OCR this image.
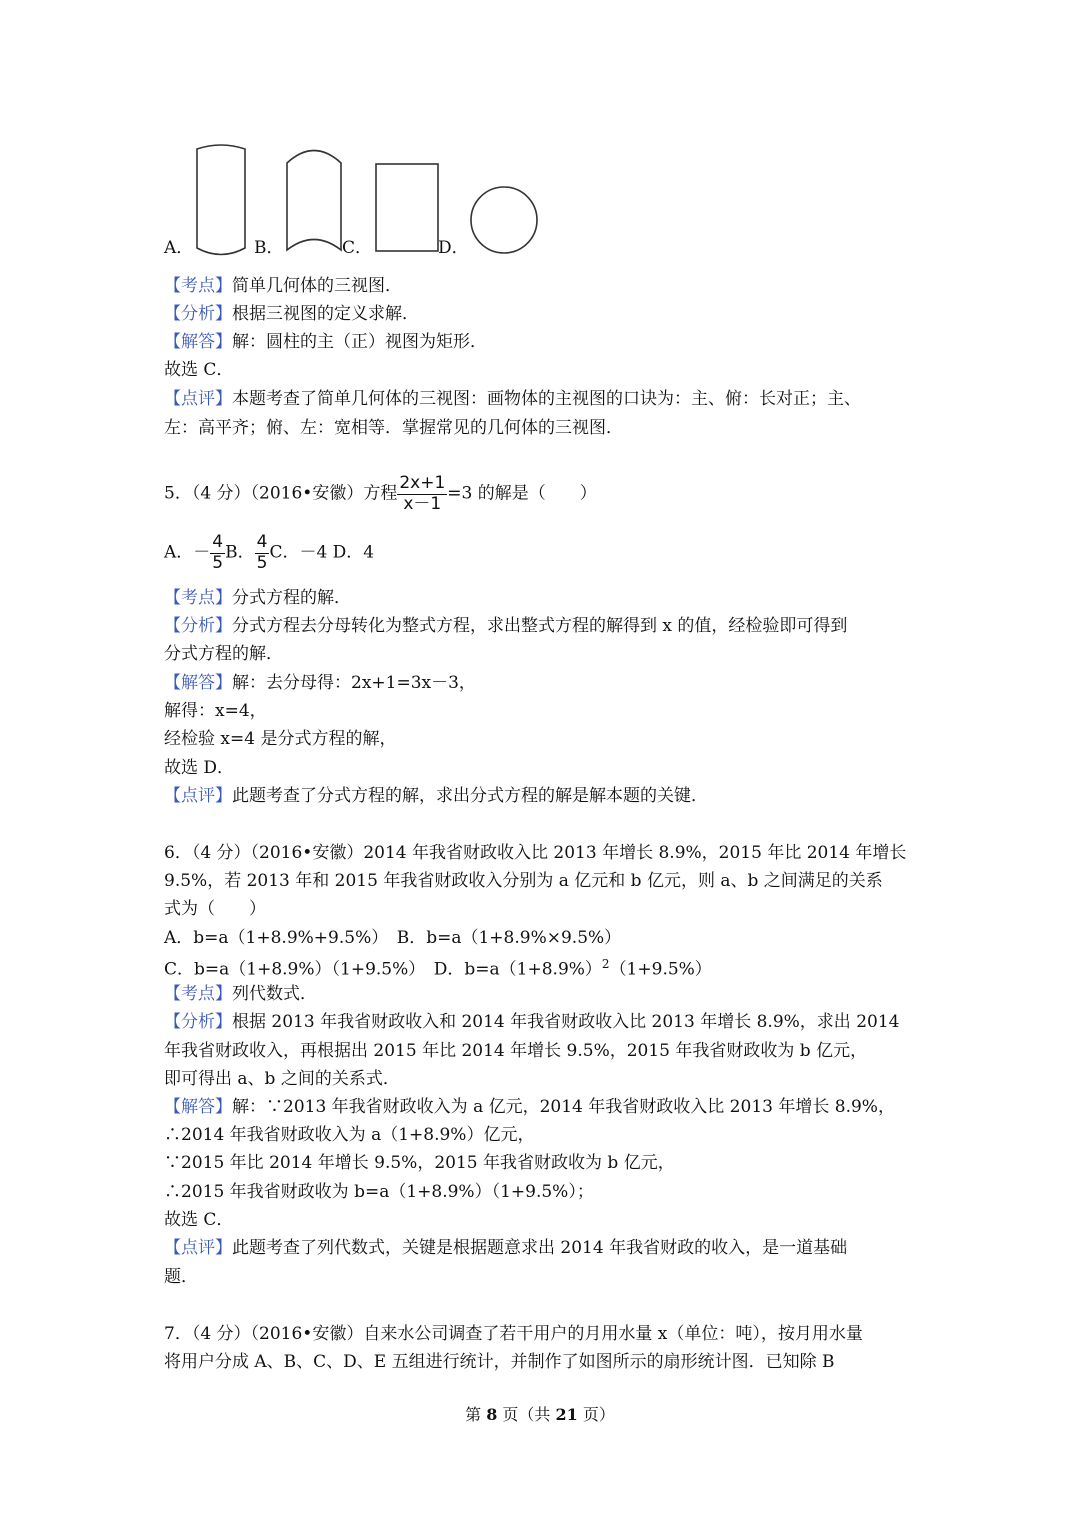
A．	B．	C．	D．
【考点】简单几何体的三视图．
【分析】根据三视图的定义求解．
【解答】解：圆柱的主（正）视图为矩形．
故选 C．
【点评】本题考查了简单几何体的三视图：画物体的主视图的口诀为：主、俯：长对正；主、
左：高平齐；俯、左：宽相等．掌握常见的几何体的三视图．
5．（4 分）（2016•安徽）方程 $\frac{2x+1}{x-1} =3$ 的解是（　　）
A．－ $\frac{4}{5}$ B． $\frac{4}{5}$ C．－4 D．4
【考点】分式方程的解．
【分析】分式方程去分母转化为整式方程，求出整式方程的解得到 x 的值，经检验即可得到
分式方程的解．
【解答】解：去分母得：2x+1=3x－3，
解得：x=4，
经检验 x=4 是分式方程的解，
故选 D．
【点评】此题考查了分式方程的解，求出分式方程的解是解本题的关键．
6．（4 分）（2016•安徽）2014 年我省财政收入比 2013 年增长 8.9%，2015 年比 2014 年增长
9.5%，若 2013 年和 2015 年我省财政收入分别为 a 亿元和 b 亿元，则 a、b 之间满足的关系
式为（　　）
A．b=a（1+8.9%+9.5%）　B．b=a（1+8.9%×9.5%）
C．b=a（1+8.9%）（1+9.5%）　D．$b=a(1+8.9\%)^2(1+9.5\%)$
【考点】列代数式．
【分析】根据 2013 年我省财政收入和 2014 年我省财政收入比 2013 年增长 8.9%，求出 2014
年我省财政收入，再根据出 2015 年比 2014 年增长 9.5%，2015 年我省财政收为 b 亿元，
即可得出 a、b 之间的关系式．
【解答】解：∵2013 年我省财政收入为 a 亿元，2014 年我省财政收入比 2013 年增长 8.9%，
∴2014 年我省财政收入为 a（1+8.9%）亿元，
∵2015 年比 2014 年增长 9.5%，2015 年我省财政收为 b 亿元，
∴2015 年我省财政收为 b=a（1+8.9%）（1+9.5%）；
故选 C．
【点评】此题考查了列代数式，关键是根据题意求出 2014 年我省财政的收入，是一道基础
题．
7．（4 分）（2016•安徽）自来水公司调查了若干用户的月用水量 x（单位：吨），按月用水量
将用户分成 A、B、C、D、E 五组进行统计，并制作了如图所示的扇形统计图．已知除 B
第 8 页（共 21 页）
